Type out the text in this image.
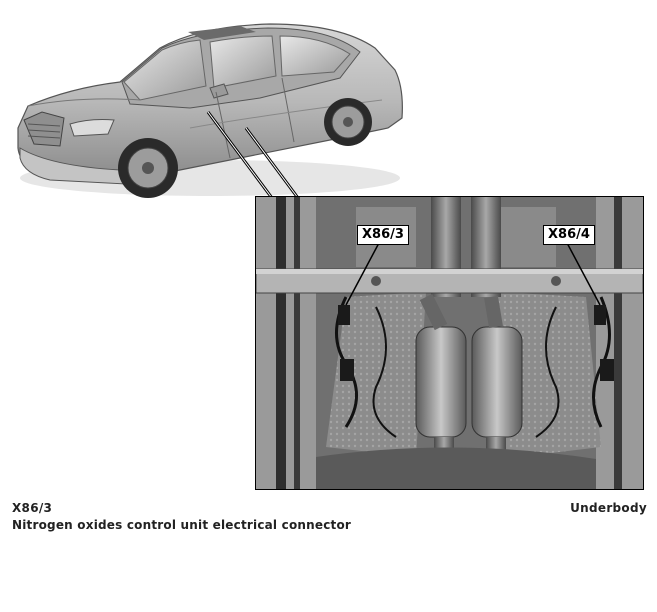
X86/3	X86/4
X86/3
Nitrogen oxides control unit electrical connector
Underbody
